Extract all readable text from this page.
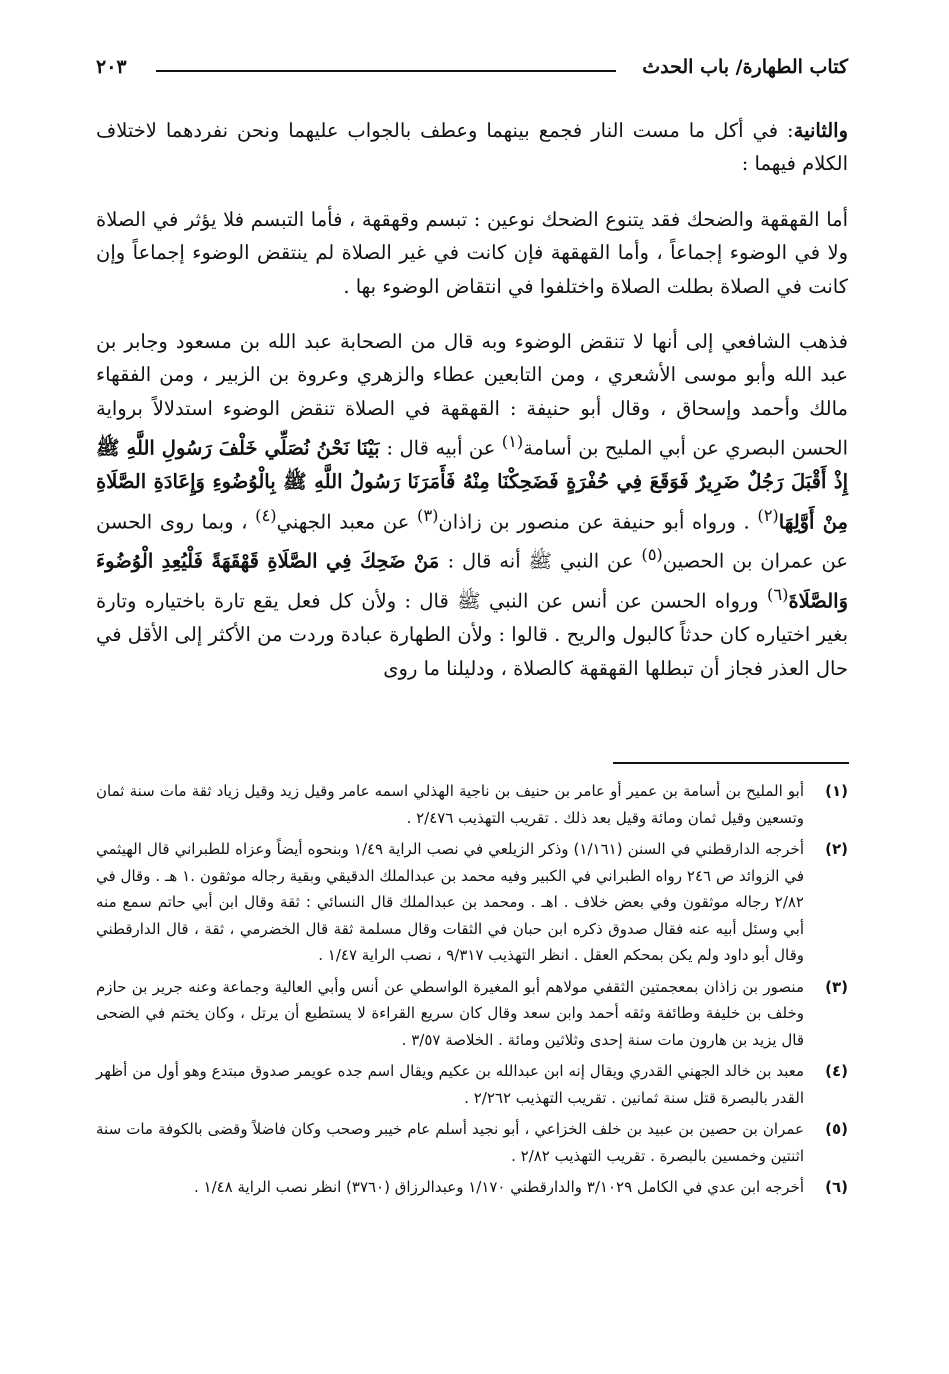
كتاب الطهارة/ باب الحدث
٢٠٣

والثانية: في أكل ما مست النار فجمع بينهما وعطف بالجواب عليهما ونحن نفردهما لاختلاف الكلام فيهما :

أما القهقهة والضحك فقد يتنوع الضحك نوعين : تبسم وقهقهة ، فأما التبسم فلا يؤثر في الصلاة ولا في الوضوء إجماعاً ، وأما القهقهة فإن كانت في غير الصلاة لم ينتقض الوضوء إجماعاً وإن كانت في الصلاة بطلت الصلاة واختلفوا في انتقاض الوضوء بها .

فذهب الشافعي إلى أنها لا تنقض الوضوء وبه قال من الصحابة عبد الله بن مسعود وجابر بن عبد الله وأبو موسى الأشعري ، ومن التابعين عطاء والزهري وعروة بن الزبير ، ومن الفقهاء مالك وأحمد وإسحاق ، وقال أبو حنيفة : القهقهة في الصلاة تنقض الوضوء استدلالاً برواية الحسن البصري عن أبي المليح بن أسامة$^{(١)}$ عن أبيه قال : بَيْنَا نَحْنُ نُصَلِّي خَلْفَ رَسُولِ اللَّهِ ﷺ إِذْ أَقْبَلَ رَجُلٌ ضَرِيرٌ فَوَقَعَ فِي حُفْرَةٍ فَضَحِكْنَا مِنْهُ فَأَمَرَنَا رَسُولُ اللَّهِ ﷺ بِالْوُضُوءِ وَإِعَادَةِ الصَّلَاةِ مِنْ أَوَّلِهَا$^{(٢)}$ . ورواه أبو حنيفة عن منصور بن زاذان$^{(٣)}$ عن معبد الجهني$^{(٤)}$ ، وبما روى الحسن عن عمران بن الحصين$^{(٥)}$ عن النبي ﷺ أنه قال : مَنْ ضَحِكَ فِي الصَّلَاةِ قَهْقَهَةً فَلْيُعِدِ الْوُضُوءَ وَالصَّلَاةَ$^{(٦)}$ ورواه الحسن عن أنس عن النبي ﷺ قال : ولأن كل فعل يقع تارة باختياره وتارة بغير اختياره كان حدثاً كالبول والريح . قالوا : ولأن الطهارة عبادة وردت من الأكثر إلى الأقل في حال العذر فجاز أن تبطلها القهقهة كالصلاة ، ودليلنا ما روى

(١)
أبو المليح بن أسامة بن عمير أو عامر بن حنيف بن ناجية الهذلي اسمه عامر وقيل زيد وقيل زياد ثقة مات سنة ثمان وتسعين وقيل ثمان ومائة وقيل بعد ذلك . تقريب التهذيب ٢/٤٧٦ .
(٢)
أخرجه الدارقطني في السنن (١/١٦١) وذكر الزيلعي في نصب الراية ١/٤٩ وبنحوه أيضاً وعزاه للطبراني قال الهيثمي في الزوائد ص ٢٤٦ رواه الطبراني في الكبير وفيه محمد بن عبدالملك الدقيقي وبقية رجاله موثقون .١ هـ . وقال في ٢/٨٢ رجاله موثقون وفي بعض خلاف . اهـ . ومحمد بن عبدالملك قال النسائي : ثقة وقال ابن أبي حاتم سمع منه أبي وسئل أبيه عنه فقال صدوق ذكره ابن حبان في الثقات وقال مسلمة ثقة قال الخضرمي ، ثقة ، قال الدارقطني وقال أبو داود ولم يكن بمحكم العقل . انظر التهذيب ٩/٣١٧ ، نصب الراية ١/٤٧ .
(٣)
منصور بن زاذان بمعجمتين الثقفي مولاهم أبو المغيرة الواسطي عن أنس وأبي العالية وجماعة وعنه جرير بن حازم وخلف بن خليفة وطائفة وثقه أحمد وابن سعد وقال كان سريع القراءة لا يستطيع أن يرتل ، وكان يختم في الضحى قال يزيد بن هارون مات سنة إحدى وثلاثين ومائة . الخلاصة ٣/٥٧ .
(٤)
معبد بن خالد الجهني القدري ويقال إنه ابن عبدالله بن عكيم ويقال اسم جده عويمر صدوق مبتدع وهو أول من أظهر القدر بالبصرة قتل سنة ثمانين . تقريب التهذيب ٢/٢٦٢ .
(٥)
عمران بن حصين بن عبيد بن خلف الخزاعي ، أبو نجيد أسلم عام خيبر وصحب وكان فاضلاً وقضى بالكوفة مات سنة اثنتين وخمسين بالبصرة . تقريب التهذيب ٢/٨٢ .
(٦)
أخرجه ابن عدي في الكامل ٣/١٠٢٩ والدارقطني ١/١٧٠ وعبدالرزاق (٣٧٦٠) انظر نصب الراية ١/٤٨ .
